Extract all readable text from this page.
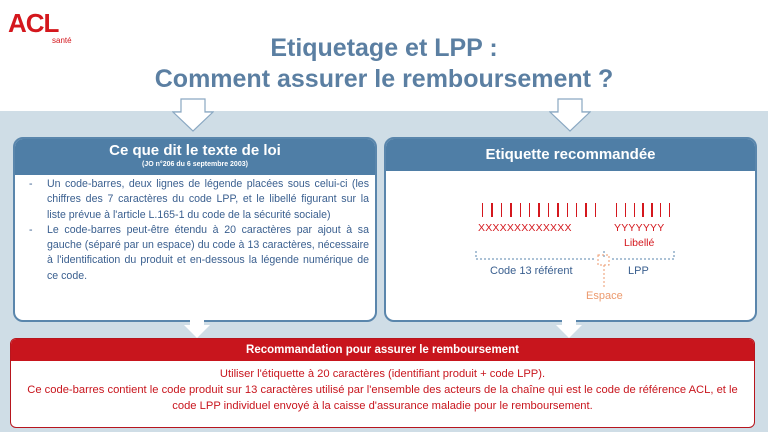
ACL
santé	Etiquetage et LPP :
Comment assurer le remboursement ?
Ce que dit le texte de loi
(JO n°206 du 6 septembre 2003)
- Un code-barres, deux lignes de légende placées sous celui-ci (les chiffres des 7 caractères du code LPP, et le libellé figurant sur la liste prévue à l'article L.165-1 du code de la sécurité sociale)
- Le code-barres peut-être étendu à 20 caractères par ajout à sa gauche (séparé par un espace) du code à 13 caractères, nécessaire à l'identification du produit et en-dessous la légende numérique de ce code.
Etiquette recommandée
XXXXXXXXXXXXX	YYYYYYY
Libellé
Code 13 référent	LPP
Espace
Recommandation pour assurer le remboursement
Utiliser l'étiquette à 20 caractères (identifiant produit + code LPP).
Ce code-barres contient le code produit sur 13 caractères utilisé par l'ensemble des acteurs de la chaîne qui est le code de référence ACL, et le code LPP individuel envoyé à la caisse d'assurance maladie pour le remboursement.
